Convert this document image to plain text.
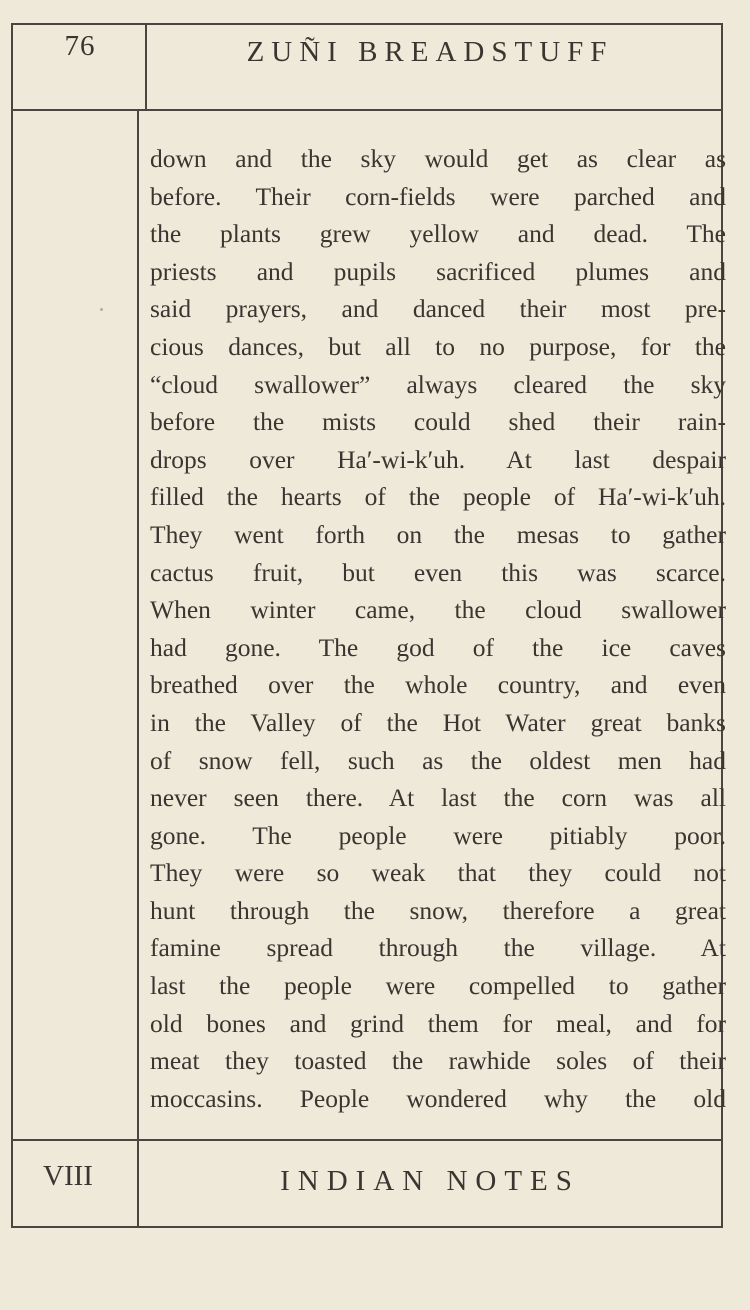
76	ZUÑI BREADSTUFF
down and the sky would get as clear as
before. Their corn-fields were parched and
the plants grew yellow and dead. The
priests and pupils sacrificed plumes and
said prayers, and danced their most pre-
cious dances, but all to no purpose, for the
“cloud swallower” always cleared the sky
before the mists could shed their rain-
drops over Ha′-wi-k′uh. At last despair
filled the hearts of the people of Ha′-wi-k′uh.
They went forth on the mesas to gather
cactus fruit, but even this was scarce.
When winter came, the cloud swallower
had gone. The god of the ice caves
breathed over the whole country, and even
in the Valley of the Hot Water great banks
of snow fell, such as the oldest men had
never seen there. At last the corn was all
gone. The people were pitiably poor.
They were so weak that they could not
hunt through the snow, therefore a great
famine spread through the village. At
last the people were compelled to gather
old bones and grind them for meal, and for
meat they toasted the rawhide soles of their
moccasins. People wondered why the old
VIII	INDIAN NOTES
